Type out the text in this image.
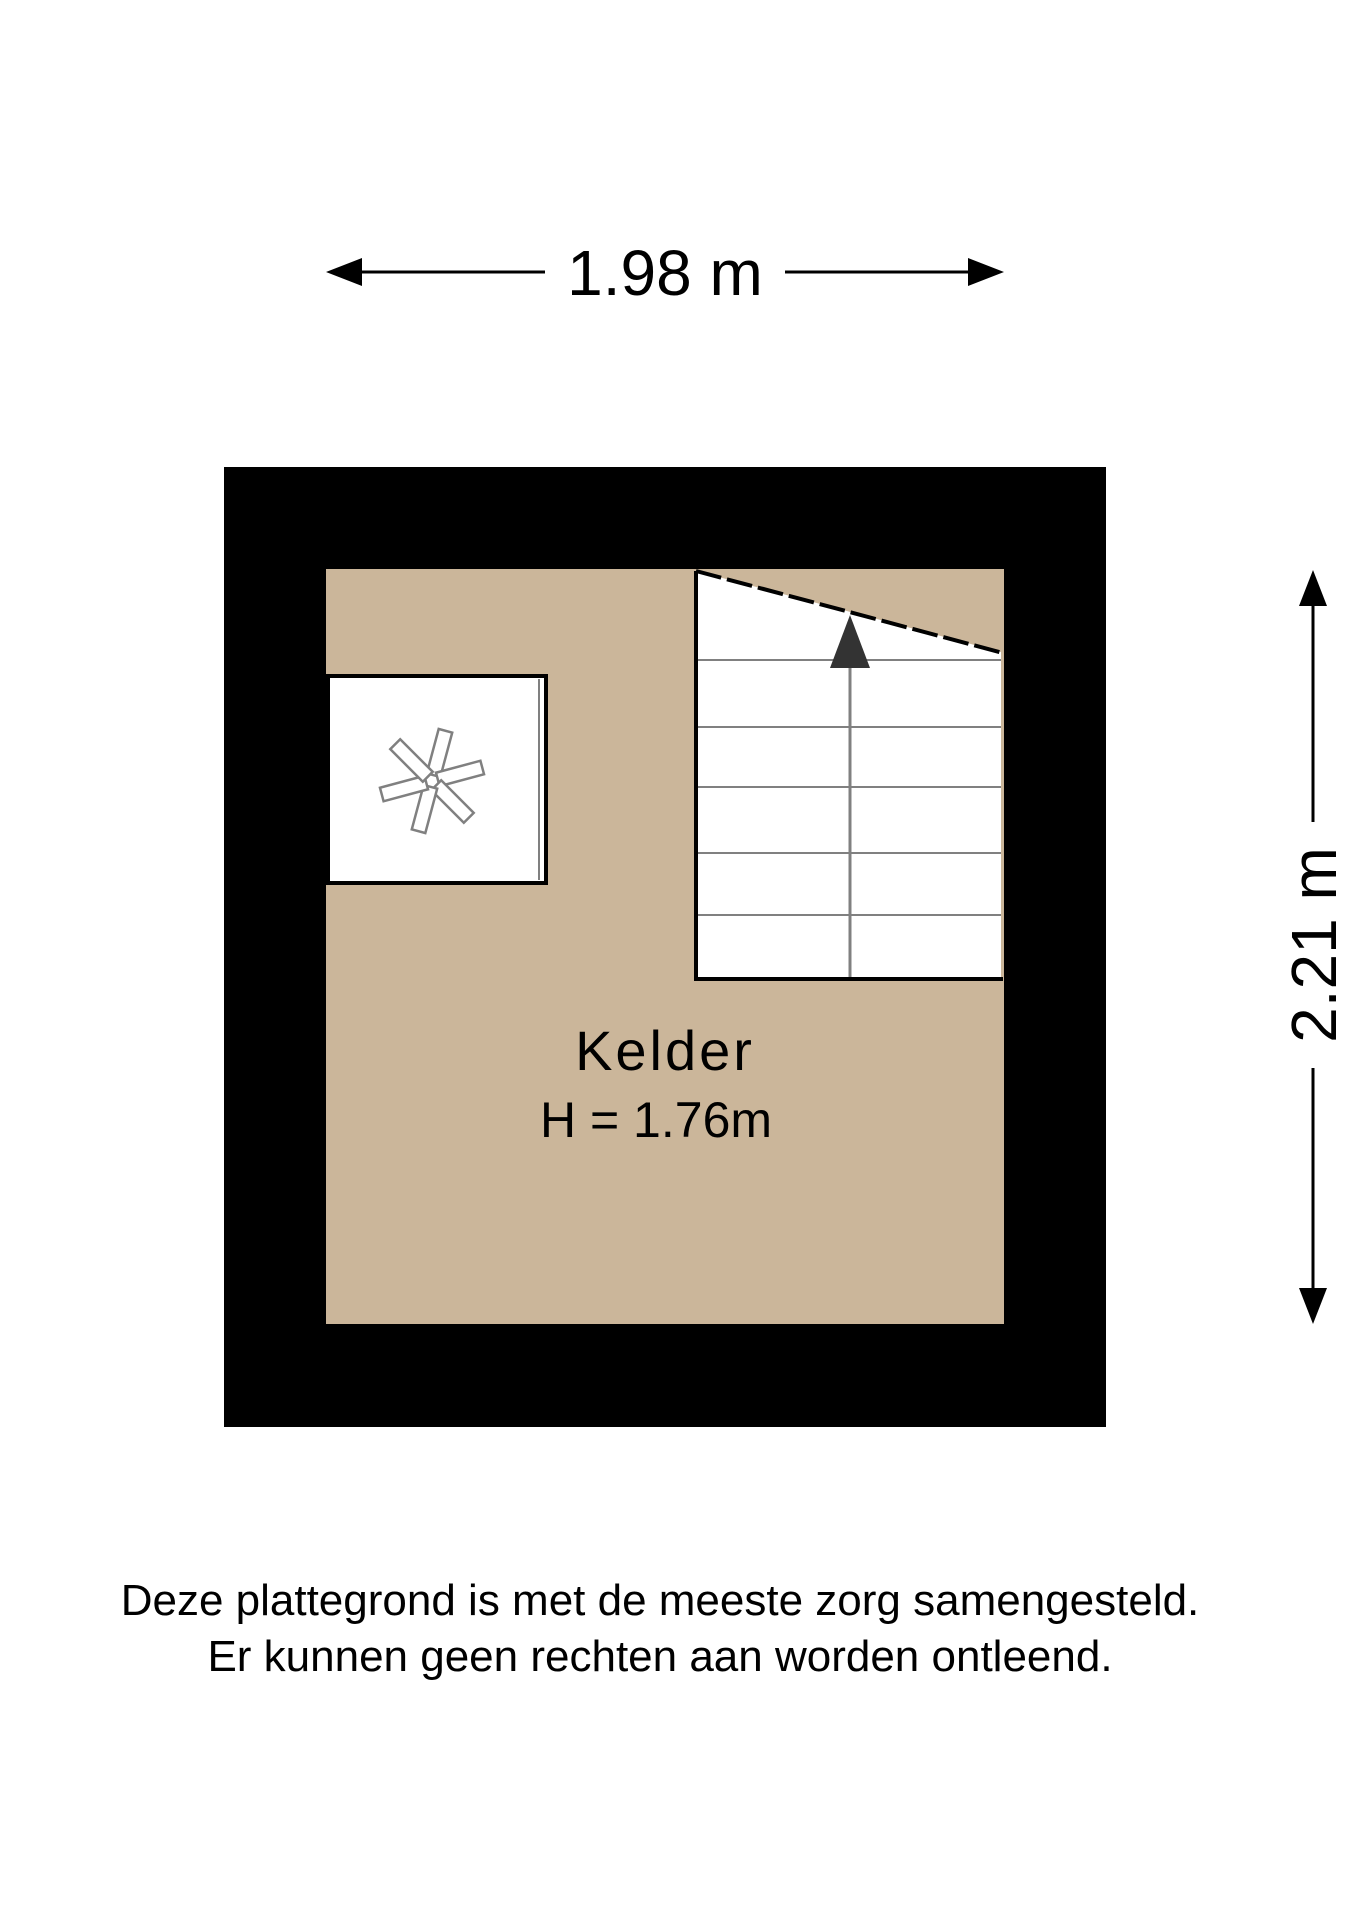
1.98 m
2.21 m
Kelder
H = 1.76m
Deze plattegrond is met de meeste zorg samengesteld.
Er kunnen geen rechten aan worden ontleend.
